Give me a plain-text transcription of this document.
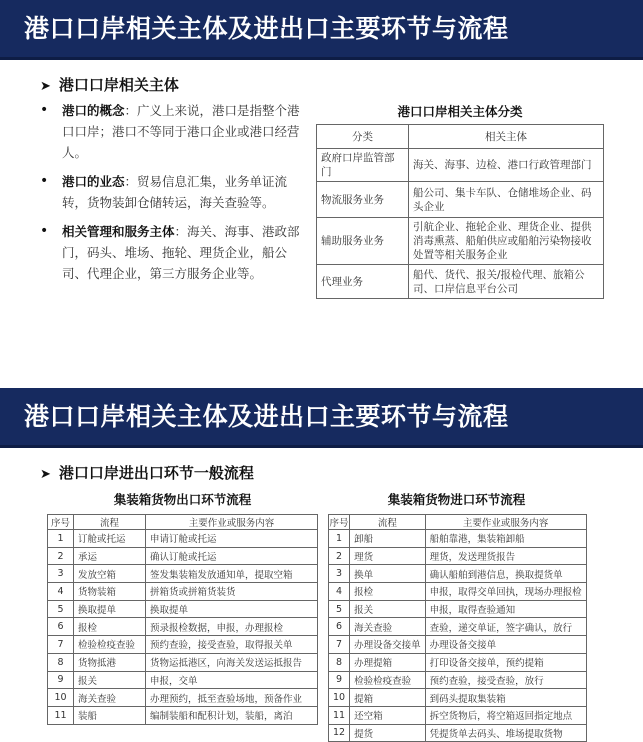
港口口岸相关主体及进出口主要环节与流程
➤ 港口口岸相关主体
• 港口的概念：广义上来说，港口是指整个港口口岸；港口不等同于港口企业或港口经营人。
• 港口的业态：贸易信息汇集，业务单证流转，货物装卸仓储转运，海关查验等。
• 相关管理和服务主体：海关、海事、港政部门，码头、堆场、拖轮、理货企业，船公司、代理企业，第三方服务企业等。
港口口岸相关主体分类
分类	相关主体
政府口岸监管部门	海关、海事、边检、港口行政管理部门
物流服务业务	船公司、集卡车队、仓储堆场企业、码头企业
辅助服务业务	引航企业、拖轮企业、理货企业、提供消毒熏蒸、船舶供应或船舶污染物接收处置等相关服务企业
代理业务	船代、货代、报关/报检代理、旅箱公司、口岸信息平台公司
港口口岸相关主体及进出口主要环节与流程
➤ 港口口岸进出口环节一般流程
集装箱货物出口环节流程	集装箱货物进口环节流程
序号	流程	主要作业或服务内容
1	订舱或托运	申请订舱或托运
2	承运	确认订舱或托运
3	发放空箱	签发集装箱发放通知单，提取空箱
4	货物装箱	拼箱货或拼箱货装货
5	换取提单	换取提单
6	报检	预录报检数据，申报，办理报检
7	检验检疫查验	预约查验，接受查验，取得报关单
8	货物抵港	货物运抵港区，向海关发送运抵报告
9	报关	申报，交单
10	海关查验	办理预约，抵至查验场地，预备作业
11	装船	编制装船和配积计划，装船，离泊
序号	流程	主要作业或服务内容
1	卸船	船舶靠港，集装箱卸船
2	理货	理货，发送理货报告
3	换单	确认船舶到港信息，换取提货单
4	报检	申报，取得交单回执，现场办理报检
5	报关	申报，取得查验通知
6	海关查验	查验，递交单证，签字确认，放行
7	办理设备交接单	办理设备交接单
8	办理提箱	打印设备交接单，预约提箱
9	检验检疫查验	预约查验，接受查验，放行
10	提箱	到码头提取集装箱
11	还空箱	拆空货物后，将空箱返回指定地点
12	提货	凭提货单去码头、堆场提取货物
